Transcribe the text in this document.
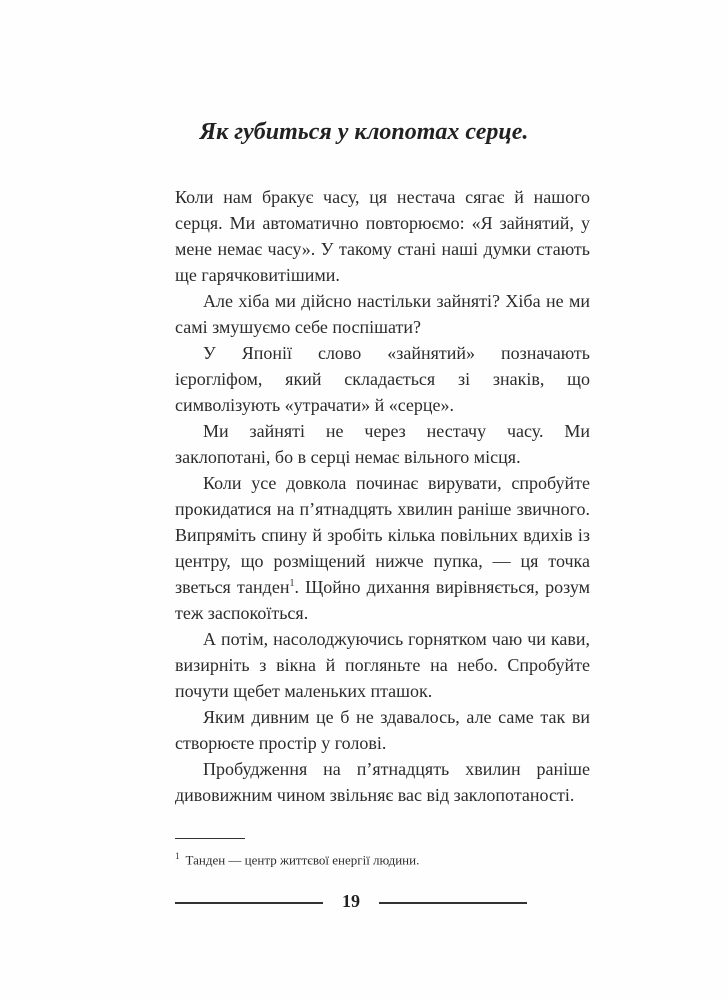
Як губиться у клопотах серце.

Коли нам бракує часу, ця нестача сягає й нашого серця. Ми автоматично повторюємо: «Я зайнятий, у мене немає часу». У такому стані наші думки стають ще гарячковитішими.

Але хіба ми дійсно настільки зайняті? Хіба не ми самі змушуємо себе поспішати?

У Японії слово «зайнятий» позначають ієрогліфом, який складається зі знаків, що символізують «утрачати» й «серце».

Ми зайняті не через нестачу часу. Ми заклопотані, бо в серці немає вільного місця.

Коли усе довкола починає вирувати, спробуйте прокидатися на п’ятнадцять хвилин раніше звичного. Випряміть спину й зробіть кілька повільних вдихів із центру, що розміщений нижче пупка, — ця точка зветься танден$^1$. Щойно дихання вирівняється, розум теж заспокоїться.

А потім, насолоджуючись горнятком чаю чи кави, визирніть з вікна й погляньте на небо. Спробуйте почути щебет маленьких пташок.

Яким дивним це б не здавалось, але саме так ви створюєте простір у голові.

Пробудження на п’ятнадцять хвилин раніше дивовижним чином звільняє вас від заклопотаності.

$^1$ Танден — центр життєвої енергії людини.
19
